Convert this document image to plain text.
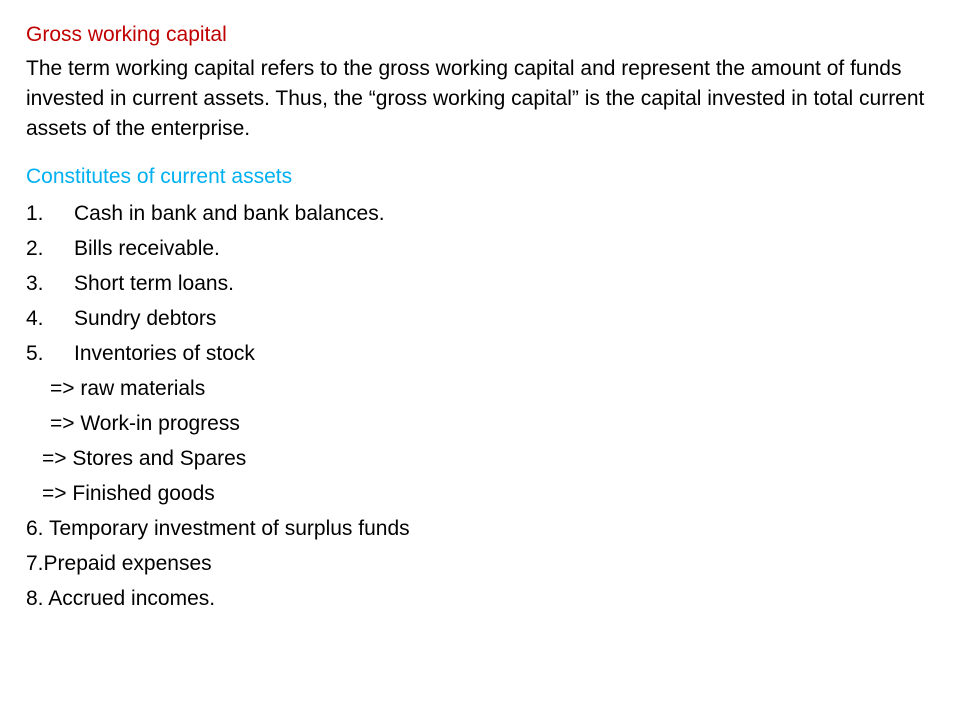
Gross working capital
The term working capital refers to the gross working capital and represent the amount of funds invested in current assets. Thus, the “gross working capital” is the capital invested in total current assets of the enterprise.
Constitutes of current assets
1. Cash in bank and bank balances.
2. Bills receivable.
3. Short term loans.
4. Sundry debtors
5. Inventories of stock
=> raw materials
=> Work-in progress
=> Stores and Spares
=> Finished goods
6. Temporary investment of surplus funds
7.Prepaid expenses
8. Accrued incomes.
